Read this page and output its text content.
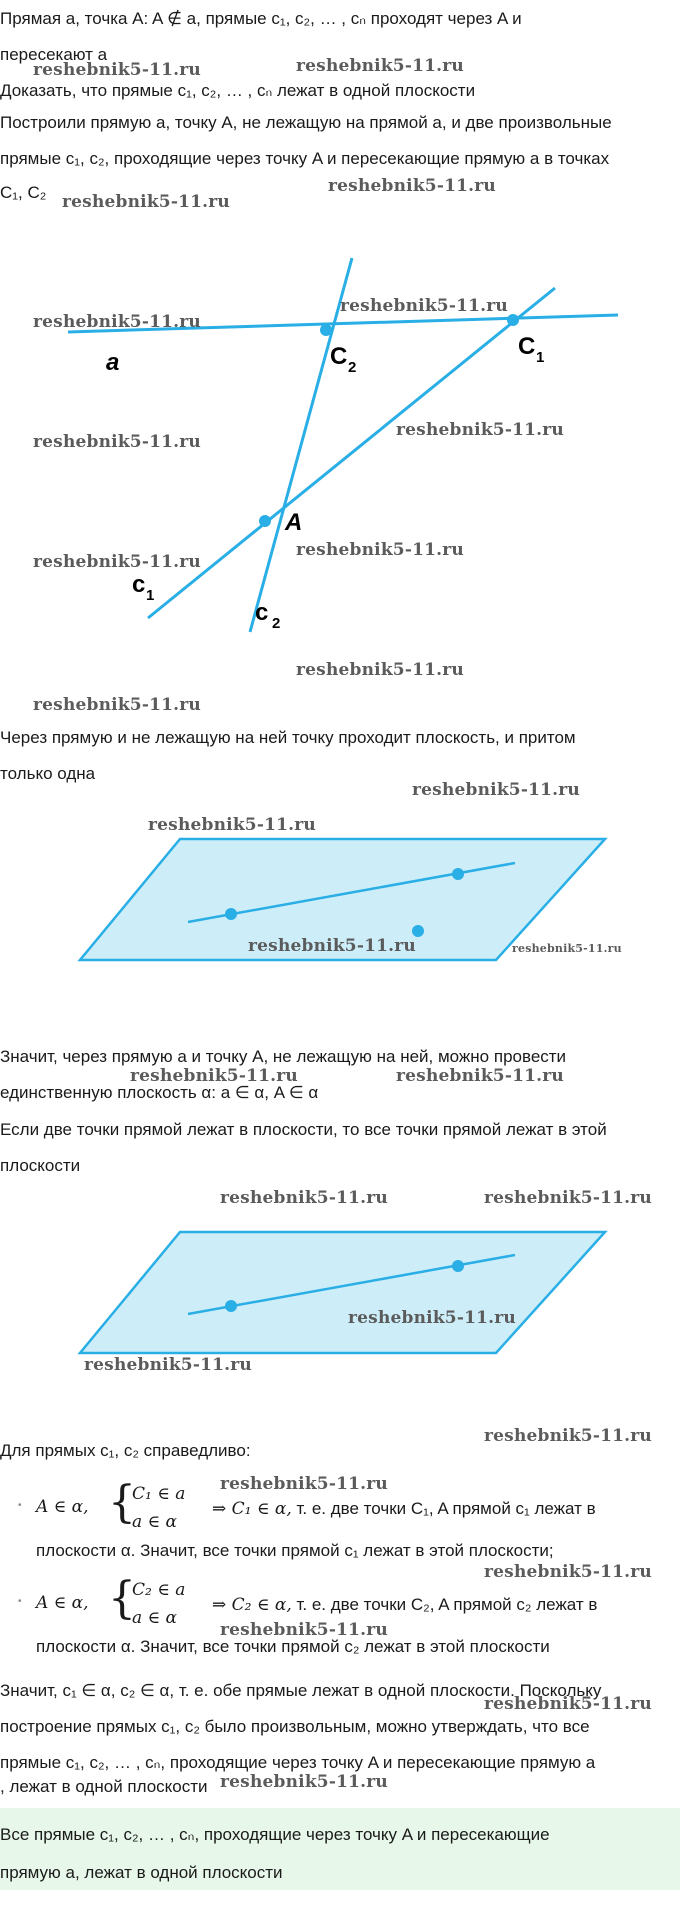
Прямая a, точка A: A ∉ a, прямые c₁, c₂, … , cₙ проходят через A и
пересекают a
Доказать, что прямые c₁, c₂, … , cₙ лежат в одной плоскости
Построили прямую a, точку A, не лежащую на прямой a, и две произвольные
прямые c₁, c₂, проходящие через точку A и пересекающие прямую a в точках
C₁, C₂
a	C 2
C 1
A
c 1
c 2
Через прямую и не лежащую на ней точку проходит плоскость, и притом
только одна
Значит, через прямую a и точку A, не лежащую на ней, можно провести
единственную плоскость α: a ∈ α, A ∈ α
Если две точки прямой лежат в плоскости, то все точки прямой лежат в этой
плоскости
Для прямых c₁, c₂ справедливо:
• A ∈ α, {
C₁ ∈ a
a ∈ α
⇒ C₁ ∈ α, т. е. две точки C₁, A прямой c₁ лежат в
плоскости α. Значит, все точки прямой c₁ лежат в этой плоскости;
• A ∈ α, {
C₂ ∈ a
a ∈ α
⇒ C₂ ∈ α, т. е. две точки C₂, A прямой c₂ лежат в
плоскости α. Значит, все точки прямой c₂ лежат в этой плоскости
Значит, c₁ ∈ α, c₂ ∈ α, т. е. обе прямые лежат в одной плоскости. Поскольку
построение прямых c₁, c₂ было произвольным, можно утверждать, что все
прямые c₁, c₂, … , cₙ, проходящие через точку A и пересекающие прямую a
, лежат в одной плоскости
Все прямые c₁, c₂, … , cₙ, проходящие через точку A и пересекающие
прямую a, лежат в одной плоскости
reshebnik5-11.ru	reshebnik5-11.ru
reshebnik5-11.ru
reshebnik5-11.ru
reshebnik5-11.ru
reshebnik5-11.ru
reshebnik5-11.ru
reshebnik5-11.ru
reshebnik5-11.ru
reshebnik5-11.ru
reshebnik5-11.ru
reshebnik5-11.ru
reshebnik5-11.ru
reshebnik5-11.ru
reshebnik5-11.ru	reshebnik5-11.ru
reshebnik5-11.ru	reshebnik5-11.ru
reshebnik5-11.ru	reshebnik5-11.ru
reshebnik5-11.ru
reshebnik5-11.ru
reshebnik5-11.ru
reshebnik5-11.ru
reshebnik5-11.ru
reshebnik5-11.ru
reshebnik5-11.ru
reshebnik5-11.ru
